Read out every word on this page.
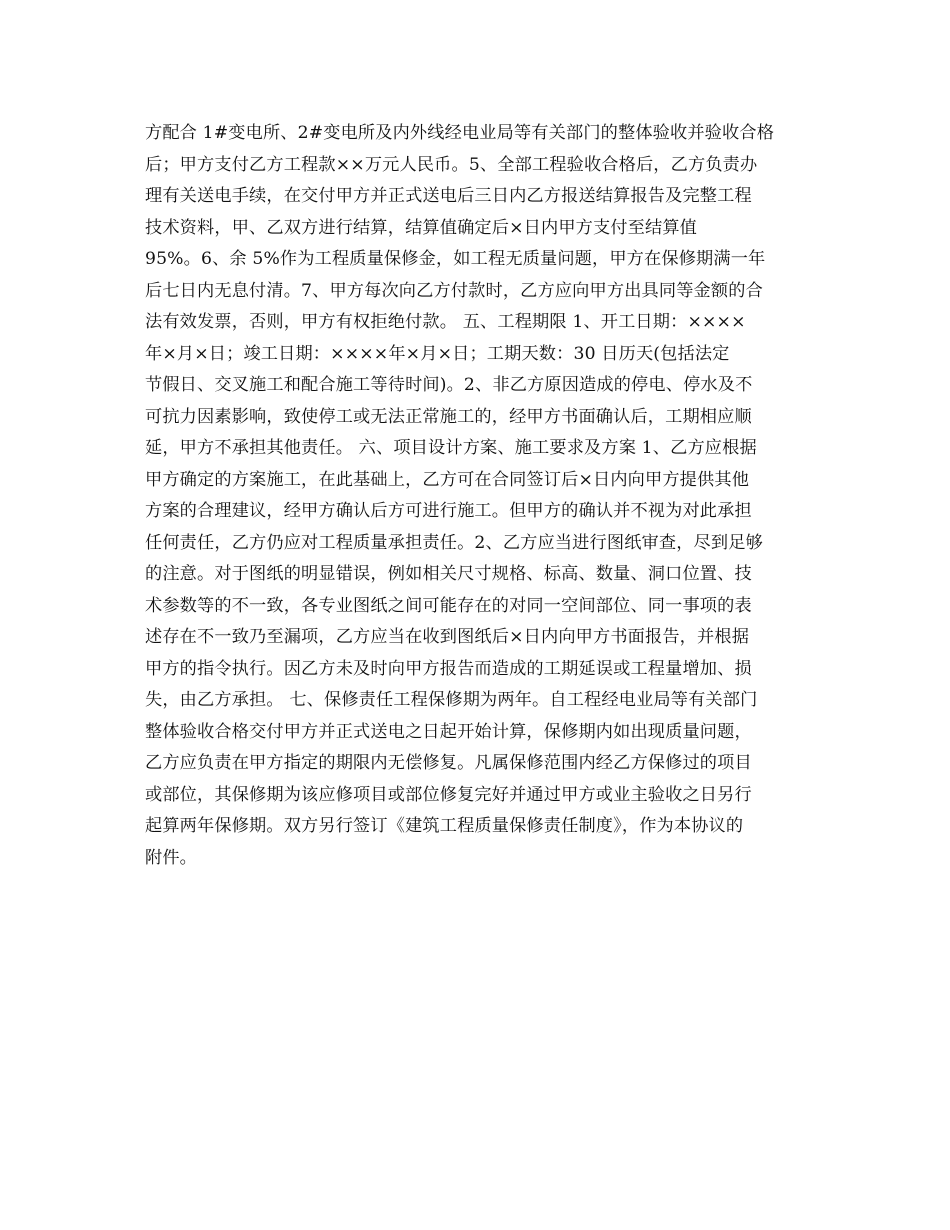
方配合 1#变电所、2#变电所及内外线经电业局等有关部门的整体验收并验收合格
后；甲方支付乙方工程款××万元人民币。5、全部工程验收合格后，乙方负责办
理有关送电手续，在交付甲方并正式送电后三日内乙方报送结算报告及完整工程
技术资料，甲、乙双方进行结算，结算值确定后×日内甲方支付至结算值
95%。6、余 5%作为工程质量保修金，如工程无质量问题，甲方在保修期满一年
后七日内无息付清。7、甲方每次向乙方付款时，乙方应向甲方出具同等金额的合
法有效发票，否则，甲方有权拒绝付款。 五、工程期限 1、开工日期：××××
年×月×日；竣工日期：××××年×月×日；工期天数：30 日历天(包括法定
节假日、交叉施工和配合施工等待时间)。2、非乙方原因造成的停电、停水及不
可抗力因素影响，致使停工或无法正常施工的，经甲方书面确认后，工期相应顺
延，甲方不承担其他责任。 六、项目设计方案、施工要求及方案 1、乙方应根据
甲方确定的方案施工，在此基础上，乙方可在合同签订后×日内向甲方提供其他
方案的合理建议，经甲方确认后方可进行施工。但甲方的确认并不视为对此承担
任何责任，乙方仍应对工程质量承担责任。2、乙方应当进行图纸审查，尽到足够
的注意。对于图纸的明显错误，例如相关尺寸规格、标高、数量、洞口位置、技
术参数等的不一致，各专业图纸之间可能存在的对同一空间部位、同一事项的表
述存在不一致乃至漏项，乙方应当在收到图纸后×日内向甲方书面报告，并根据
甲方的指令执行。因乙方未及时向甲方报告而造成的工期延误或工程量增加、损
失，由乙方承担。 七、保修责任工程保修期为两年。自工程经电业局等有关部门
整体验收合格交付甲方并正式送电之日起开始计算，保修期内如出现质量问题，
乙方应负责在甲方指定的期限内无偿修复。凡属保修范围内经乙方保修过的项目
或部位，其保修期为该应修项目或部位修复完好并通过甲方或业主验收之日另行
起算两年保修期。双方另行签订《建筑工程质量保修责任制度》，作为本协议的
附件。
